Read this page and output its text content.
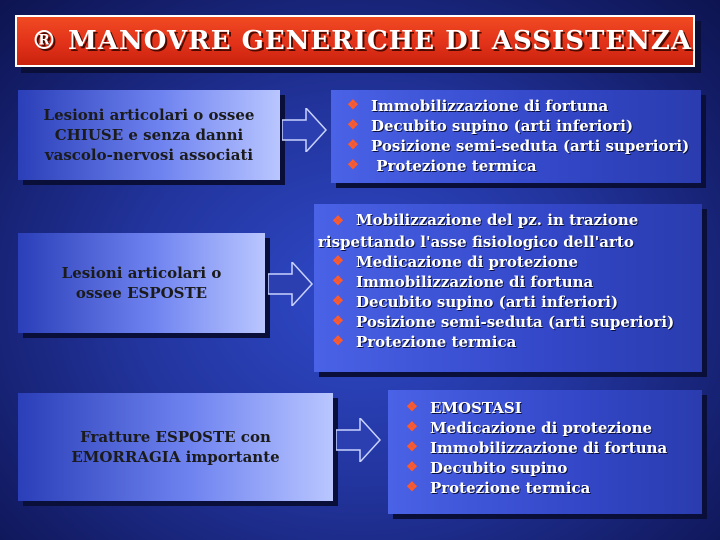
® MANOVRE GENERICHE DI ASSISTENZA
Lesioni articolari o ossee
CHIUSE e senza danni
vascolo-nervosi associati
❖ Immobilizzazione di fortuna
❖ Decubito supino (arti inferiori)
❖ Posizione semi-seduta (arti superiori)
❖ Protezione termica
Lesioni articolari o
ossee ESPOSTE
❖ Mobilizzazione del pz. in trazione
rispettando l'asse fisiologico dell'arto
❖ Medicazione di protezione
❖ Immobilizzazione di fortuna
❖ Decubito supino (arti inferiori)
❖ Posizione semi-seduta (arti superiori)
❖ Protezione termica
Fratture ESPOSTE con
EMORRAGIA importante
❖ EMOSTASI
❖ Medicazione di protezione
❖ Immobilizzazione di fortuna
❖ Decubito supino
❖ Protezione termica
